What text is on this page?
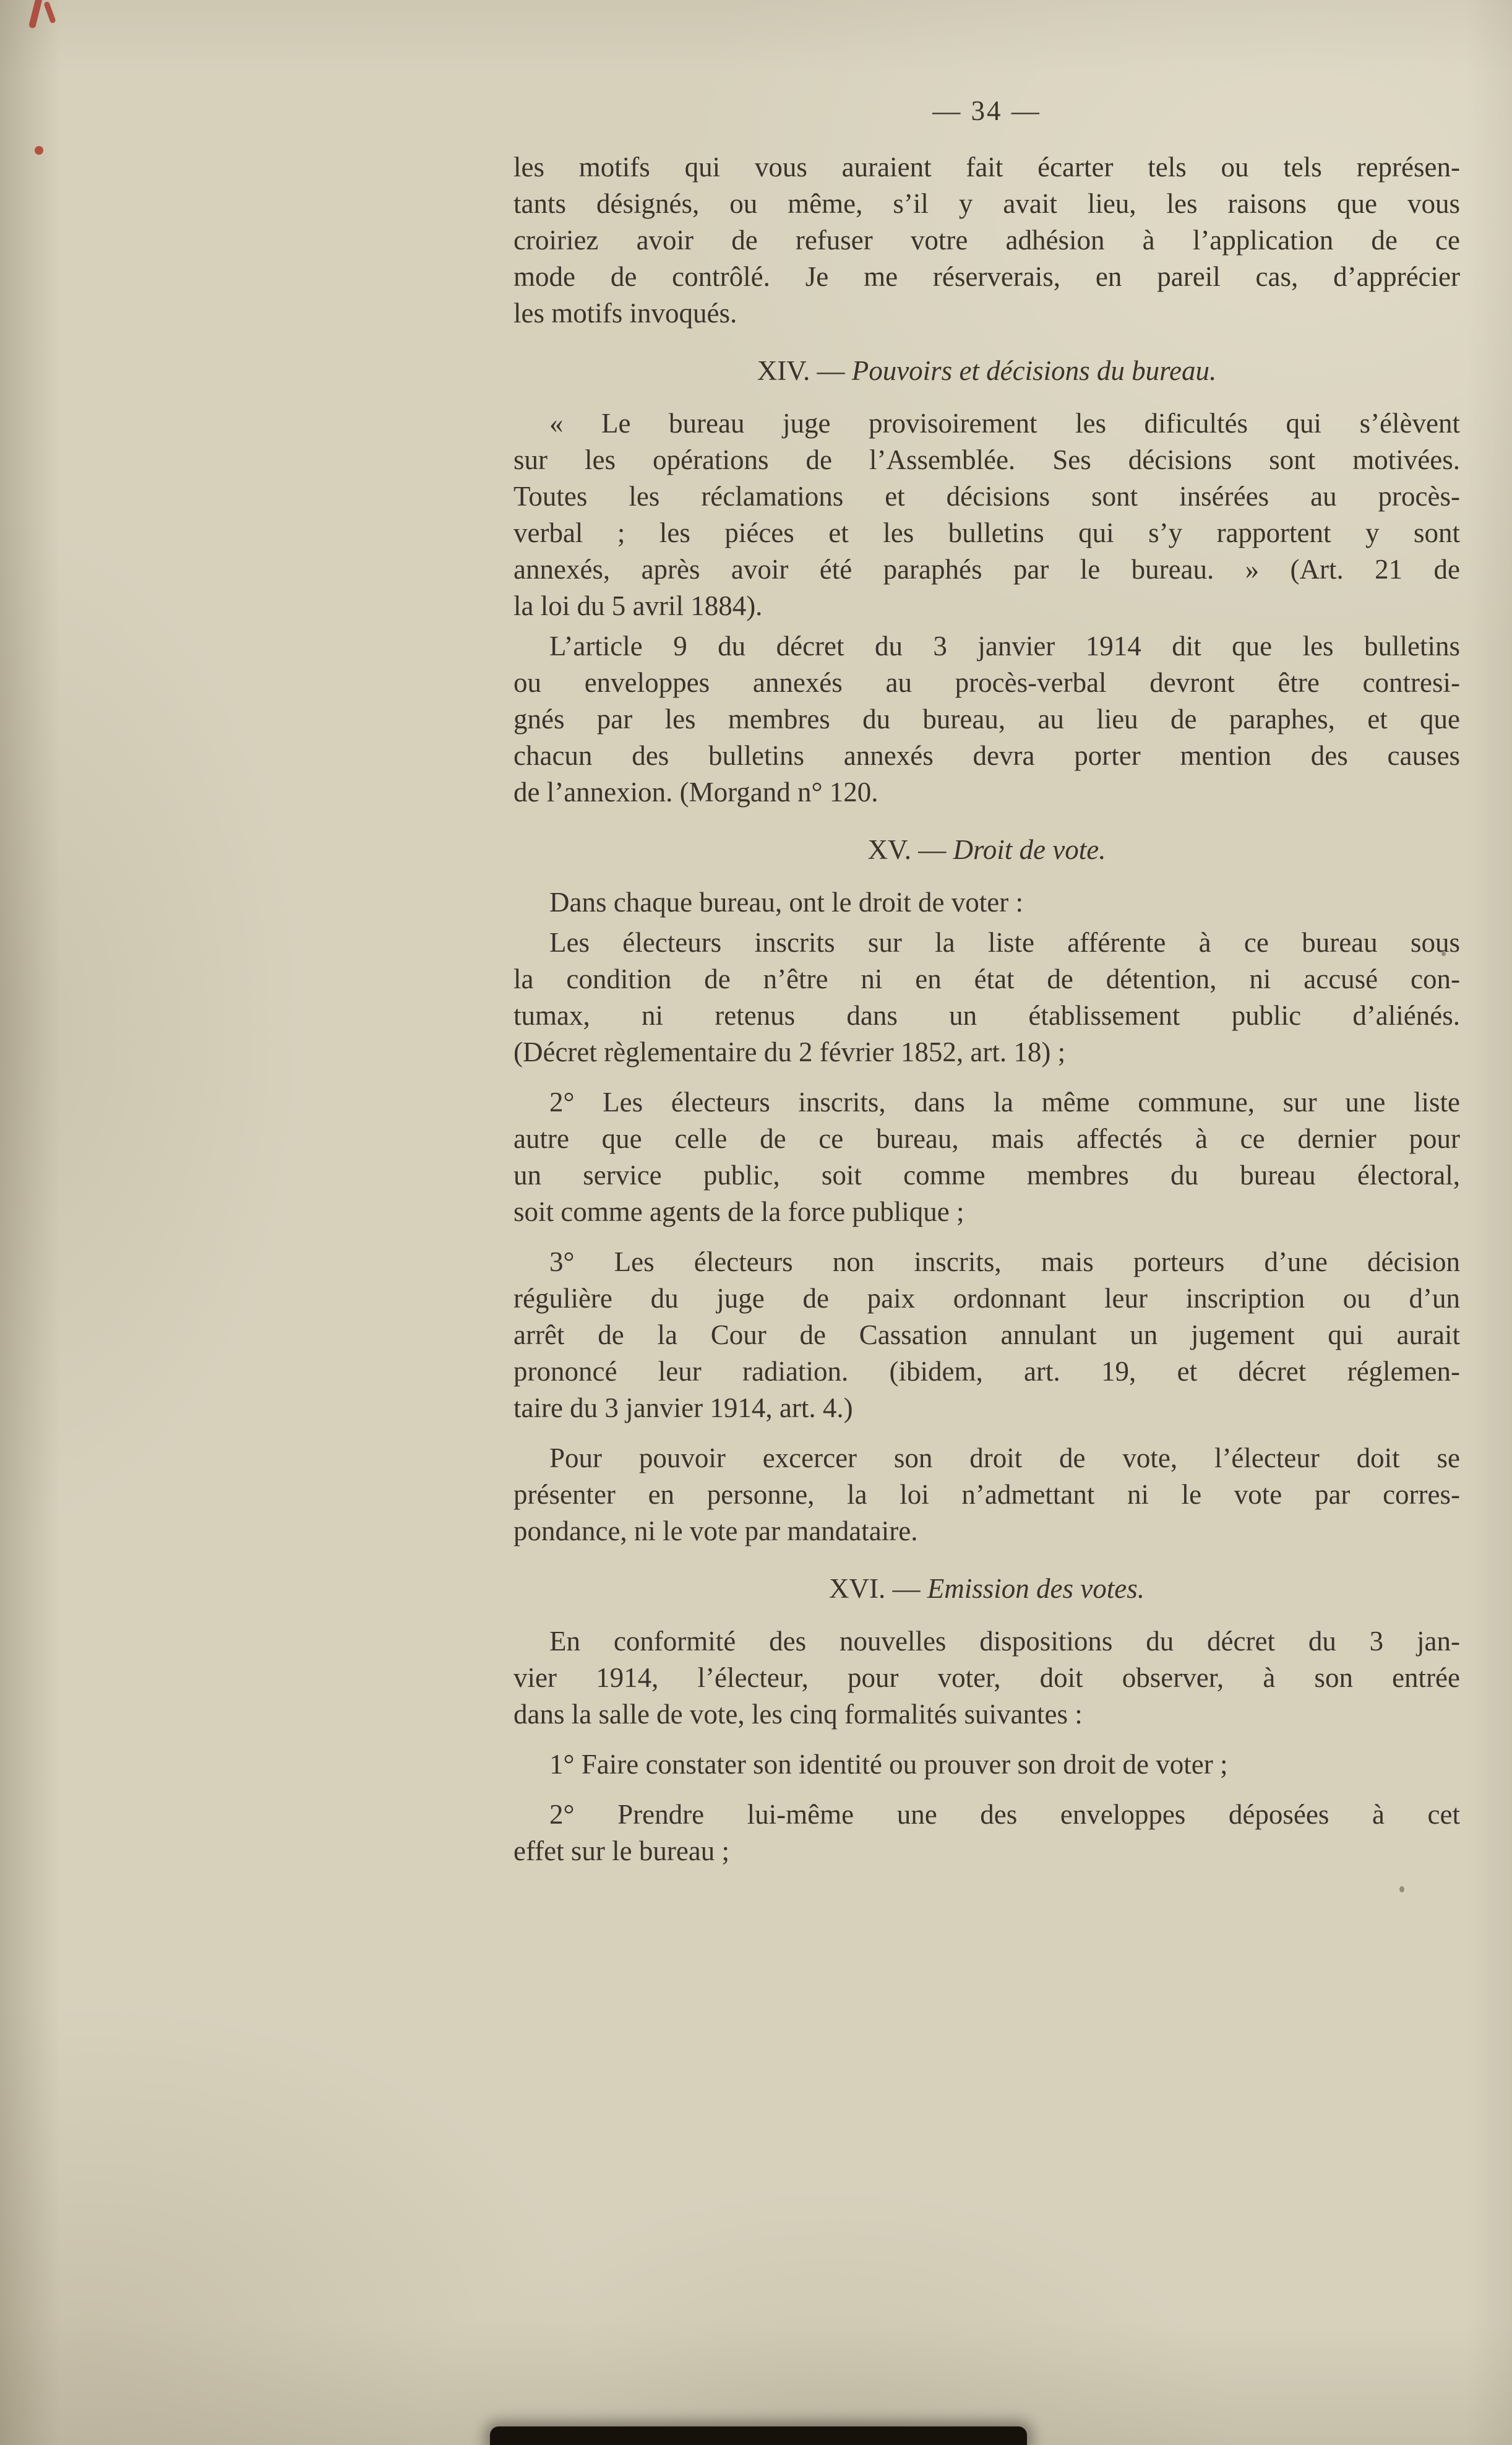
— 34 —
les motifs qui vous auraient fait écarter tels ou tels représen-
tants désignés, ou même, s’il y avait lieu, les raisons que vous
croiriez avoir de refuser votre adhésion à l’application de ce
mode de contrôlé. Je me réserverais, en pareil cas, d’apprécier
les motifs invoqués.
XIV. — Pouvoirs et décisions du bureau.
« Le bureau juge provisoirement les dificultés qui s’élèvent
sur les opérations de l’Assemblée. Ses décisions sont motivées.
Toutes les réclamations et décisions sont insérées au procès-
verbal ; les piéces et les bulletins qui s’y rapportent y sont
annexés, après avoir été paraphés par le bureau. » (Art. 21 de
la loi du 5 avril 1884).
L’article 9 du décret du 3 janvier 1914 dit que les bulletins
ou enveloppes annexés au procès-verbal devront être contresi-
gnés par les membres du bureau, au lieu de paraphes, et que
chacun des bulletins annexés devra porter mention des causes
de l’annexion. (Morgand n° 120.
XV. — Droit de vote.
Dans chaque bureau, ont le droit de voter :
Les électeurs inscrits sur la liste afférente à ce bureau sous
la condition de n’être ni en état de détention, ni accusé con-
tumax, ni retenus dans un établissement public d’aliénés.
(Décret règlementaire du 2 février 1852, art. 18) ;
2° Les électeurs inscrits, dans la même commune, sur une liste
autre que celle de ce bureau, mais affectés à ce dernier pour
un service public, soit comme membres du bureau électoral,
soit comme agents de la force publique ;
3° Les électeurs non inscrits, mais porteurs d’une décision
régulière du juge de paix ordonnant leur inscription ou d’un
arrêt de la Cour de Cassation annulant un jugement qui aurait
prononcé leur radiation. (ibidem, art. 19, et décret réglemen-
taire du 3 janvier 1914, art. 4.)
Pour pouvoir excercer son droit de vote, l’électeur doit se
présenter en personne, la loi n’admettant ni le vote par corres-
pondance, ni le vote par mandataire.
XVI. — Emission des votes.
En conformité des nouvelles dispositions du décret du 3 jan-
vier 1914, l’électeur, pour voter, doit observer, à son entrée
dans la salle de vote, les cinq formalités suivantes :
1° Faire constater son identité ou prouver son droit de voter ;
2° Prendre lui-même une des enveloppes déposées à cet
effet sur le bureau ;
